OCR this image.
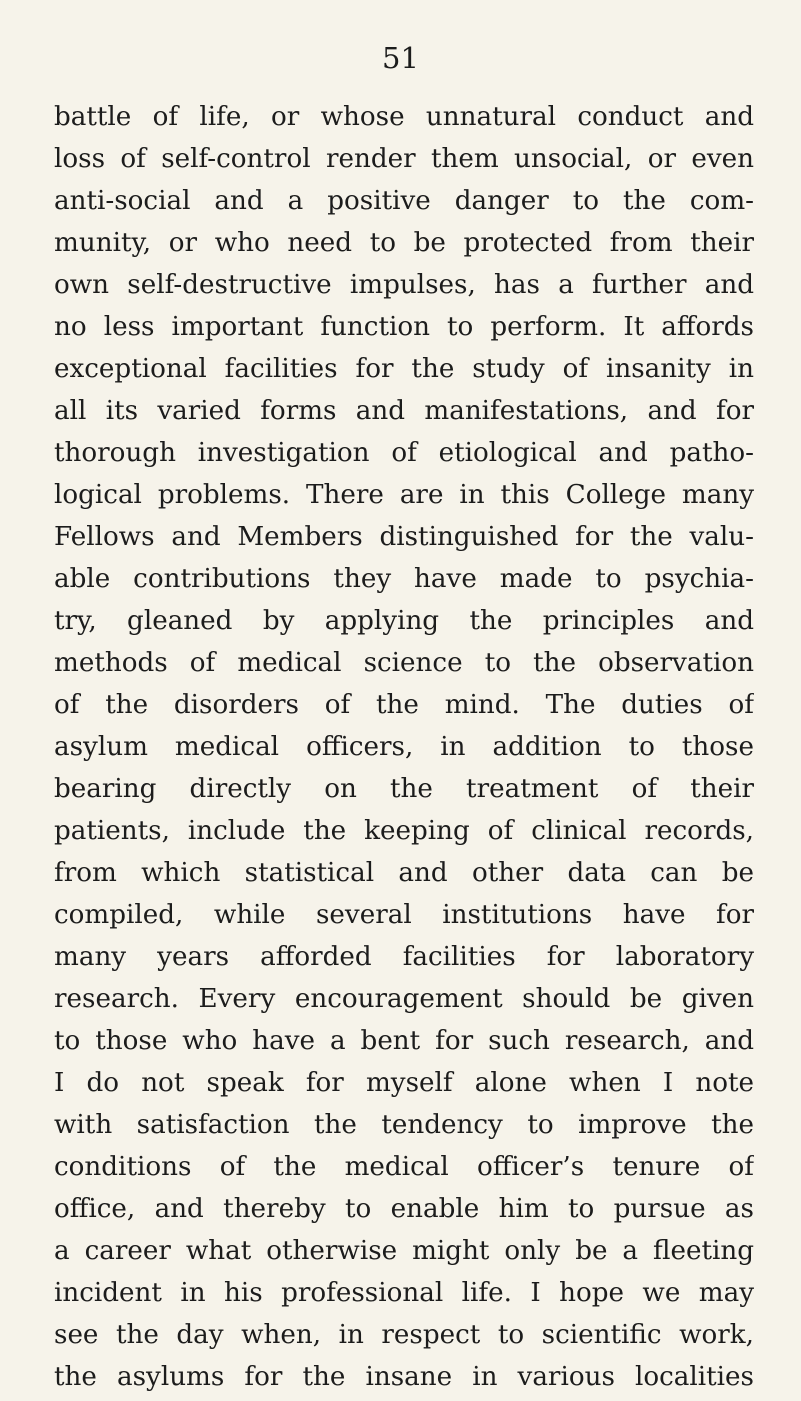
51
battle of life, or whose unnatural conduct and
loss of self-control render them unsocial, or even
anti-social and a positive danger to the com-
munity, or who need to be protected from their
own self-destructive impulses, has a further and
no less important function to perform. It affords
exceptional facilities for the study of insanity in
all its varied forms and manifestations, and for
thorough investigation of etiological and patho-
logical problems. There are in this College many
Fellows and Members distinguished for the valu-
able contributions they have made to psychia-
try, gleaned by applying the principles and
methods of medical science to the observation
of the disorders of the mind. The duties of
asylum medical officers, in addition to those
bearing directly on the treatment of their
patients, include the keeping of clinical records,
from which statistical and other data can be
compiled, while several institutions have for
many years afforded facilities for laboratory
research. Every encouragement should be given
to those who have a bent for such research, and
I do not speak for myself alone when I note
with satisfaction the tendency to improve the
conditions of the medical officer’s tenure of
office, and thereby to enable him to pursue as
a career what otherwise might only be a fleeting
incident in his professional life. I hope we may
see the day when, in respect to scientific work,
the asylums for the insane in various localities
